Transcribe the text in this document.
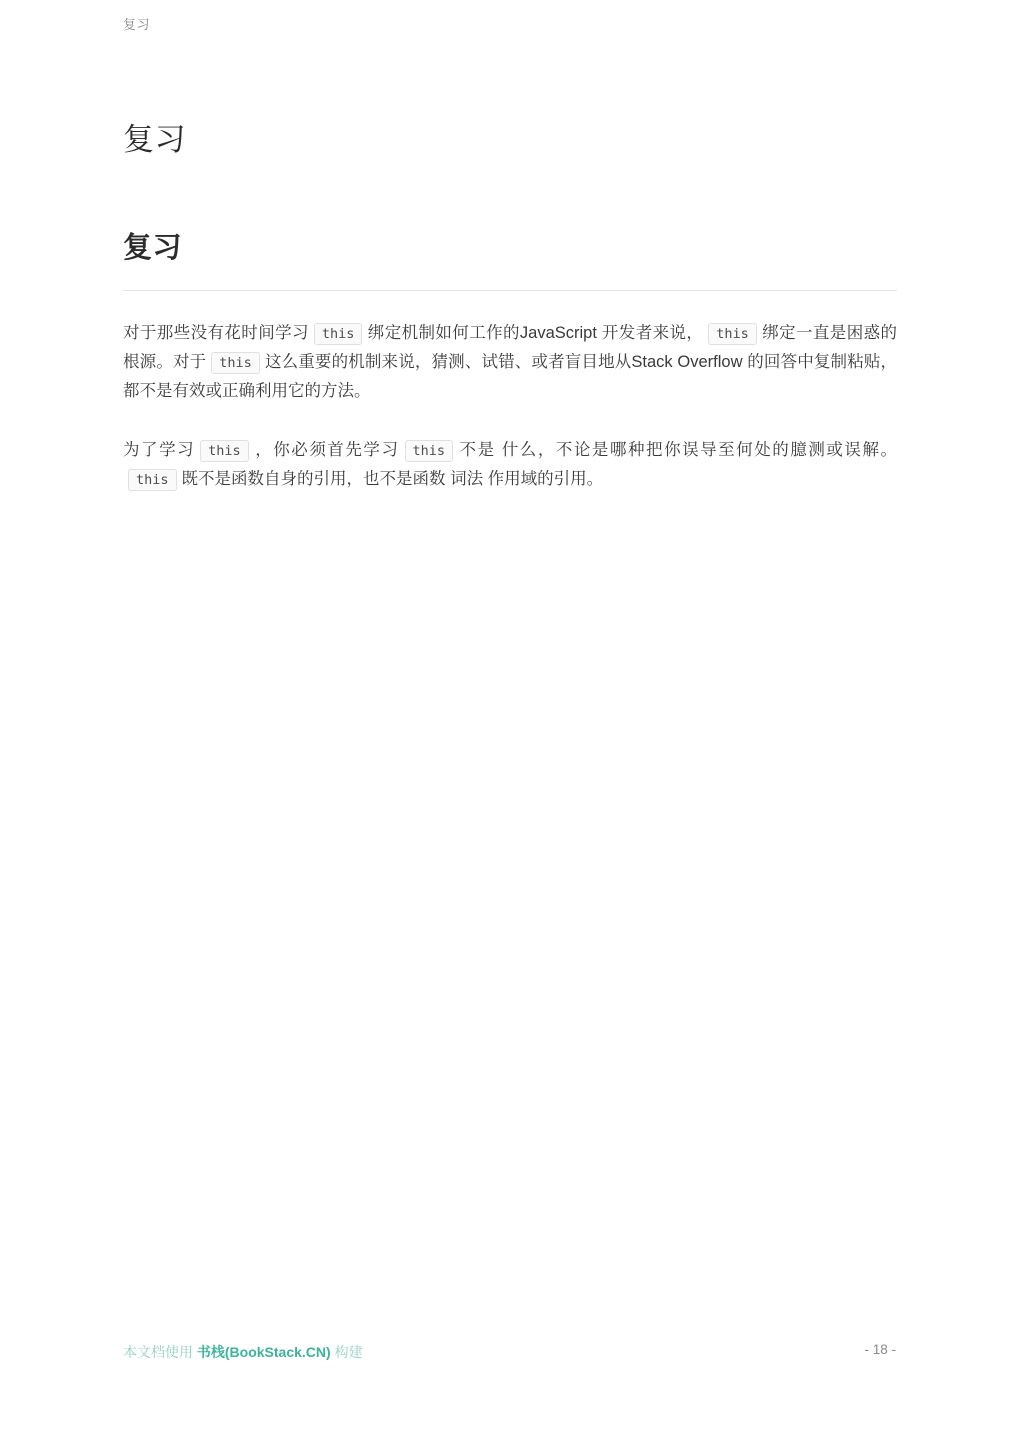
复习
复习
复习

对于那些没有花时间学习 this 绑定机制如何工作的JavaScript 开发者来说， this 绑定一直是困惑的根源。对于 this 这么重要的机制来说，猜测、试错、或者盲目地从Stack Overflow 的回答中复制粘贴，都不是有效或正确利用它的方法。

为了学习 this ，你必须首先学习 this 不是 什么，不论是哪种把你误导至何处的臆测或误解。this 既不是函数自身的引用，也不是函数 词法 作用域的引用。

本文档使用 书栈(BookStack.CN) 构建	- 18 -
